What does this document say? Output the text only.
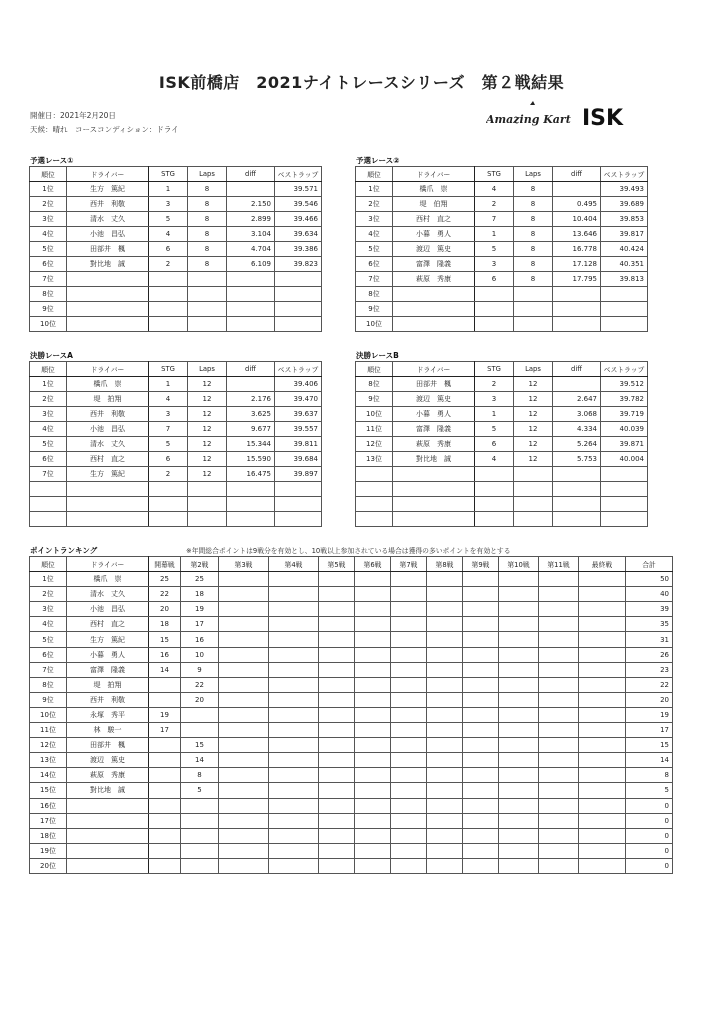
ISK前橋店　2021ナイトレースシリーズ　第２戦結果
開催日：2021年2月20日
天候：晴れ　コースコンディション：ドライ
Amazing Kart ISK
予選レース①	予選レース②
決勝レースA	決勝レースB
ポイントランキング	※年間総合ポイントは9戦分を有効とし、10戦以上参加されている場合は獲得の多いポイントを有効とする
順位	ドライバー	STG	Laps	diff	ベストラップ
1位	生方　篤紀	1	8		39.571
2位	西井　利敬	3	8	2.150	39.546
3位	清水　丈久	5	8	2.899	39.466
4位	小池　昌弘	4	8	3.104	39.634
5位	田部井　楓	6	8	4.704	39.386
6位	對比地　誠	2	8	6.109	39.823
7位					
8位					
9位					
10位					
順位	ドライバー	STG	Laps	diff	ベストラップ
1位	橋爪　崇	4	8		39.493
2位	堤　伯翔	2	8	0.495	39.689
3位	西村　直之	7	8	10.404	39.853
4位	小暮　勇人	1	8	13.646	39.817
5位	渡辺　篤史	5	8	16.778	40.424
6位	富澤　隆義	3	8	17.128	40.351
7位	萩原　秀康	6	8	17.795	39.813
8位					
9位					
10位					
順位	ドライバー	STG	Laps	diff	ベストラップ
1位	橋爪　崇	1	12		39.406
2位	堤　拍翔	4	12	2.176	39.470
3位	西井　利敬	3	12	3.625	39.637
4位	小池　昌弘	7	12	9.677	39.557
5位	清水　丈久	5	12	15.344	39.811
6位	西村　直之	6	12	15.590	39.684
7位	生方　篤紀	2	12	16.475	39.897

順位	ドライバー	STG	Laps	diff	ベストラップ
8位	田部井　楓	2	12		39.512
9位	渡辺　篤史	3	12	2.647	39.782
10位	小暮　勇人	1	12	3.068	39.719
11位	富澤　隆義	5	12	4.334	40.039
12位	萩原　秀康	6	12	5.264	39.871
13位	對比地　誠	4	12	5.753	40.004

順位	ドライバー	開幕戦	第2戦	第3戦	第4戦	第5戦	第6戦	第7戦	第8戦	第9戦	第10戦	第11戦	最終戦	合計
1位	橋爪　崇	25	25											50
2位	清水　丈久	22	18											40
3位	小池　昌弘	20	19											39
4位	西村　直之	18	17											35
5位	生方　篤紀	15	16											31
6位	小暮　勇人	16	10											26
7位	富澤　隆義	14	9											23
8位	堤　拍翔		22											22
9位	西井　利敬		20											20
10位	永塚　秀平	19												19
11位	林　駿一	17												17
12位	田部井　楓		15											15
13位	渡辺　篤史		14											14
14位	萩原　秀康		8											8
15位	對比地　誠		5											5
16位														0
17位														0
18位														0
19位														0
20位														0
